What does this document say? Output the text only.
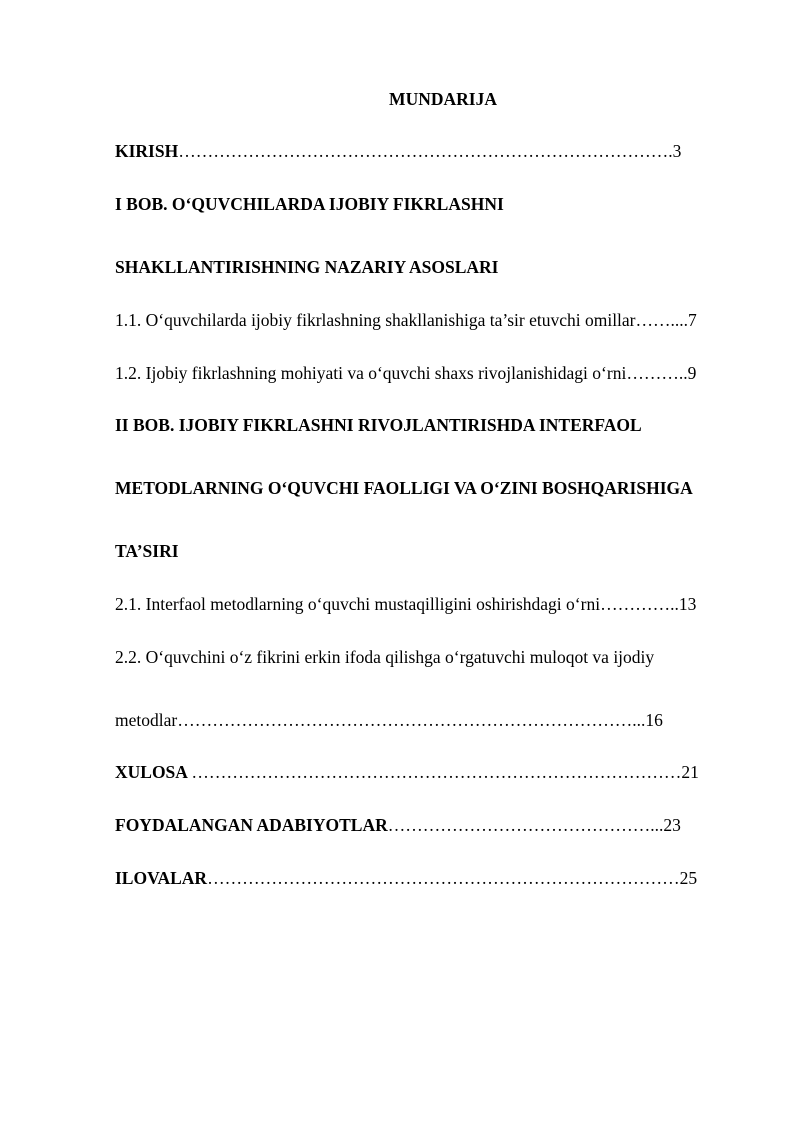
MUNDARIJA
KIRISH………………………………………………………………………….3
I BOB. O‘QUVCHILARDA IJOBIY FIKRLASHNI
SHAKLLANTIRISHNING NAZARIY ASOSLARI
1.1. O‘quvchilarda ijobiy fikrlashning shakllanishiga ta’sir etuvchi omillar……....7
1.2. Ijobiy fikrlashning mohiyati va o‘quvchi shaxs rivojlanishidagi o‘rni………..9
II BOB. IJOBIY FIKRLASHNI RIVOJLANTIRISHDA INTERFAOL
METODLARNING O‘QUVCHI FAOLLIGI VA O‘ZINI BOSHQARISHIGA
TA’SIRI
2.1. Interfaol metodlarning o‘quvchi mustaqilligini oshirishdagi o‘rni…………..13
2.2. O‘quvchini o‘z fikrini erkin ifoda qilishga o‘rgatuvchi muloqot va ijodiy
metodlar……………………………………………………………………...16
XULOSA …………………………………………………………………………21
FOYDALANGAN ADABIYOTLAR………………………………………...23
ILOVALAR………………………………………………………………………25
